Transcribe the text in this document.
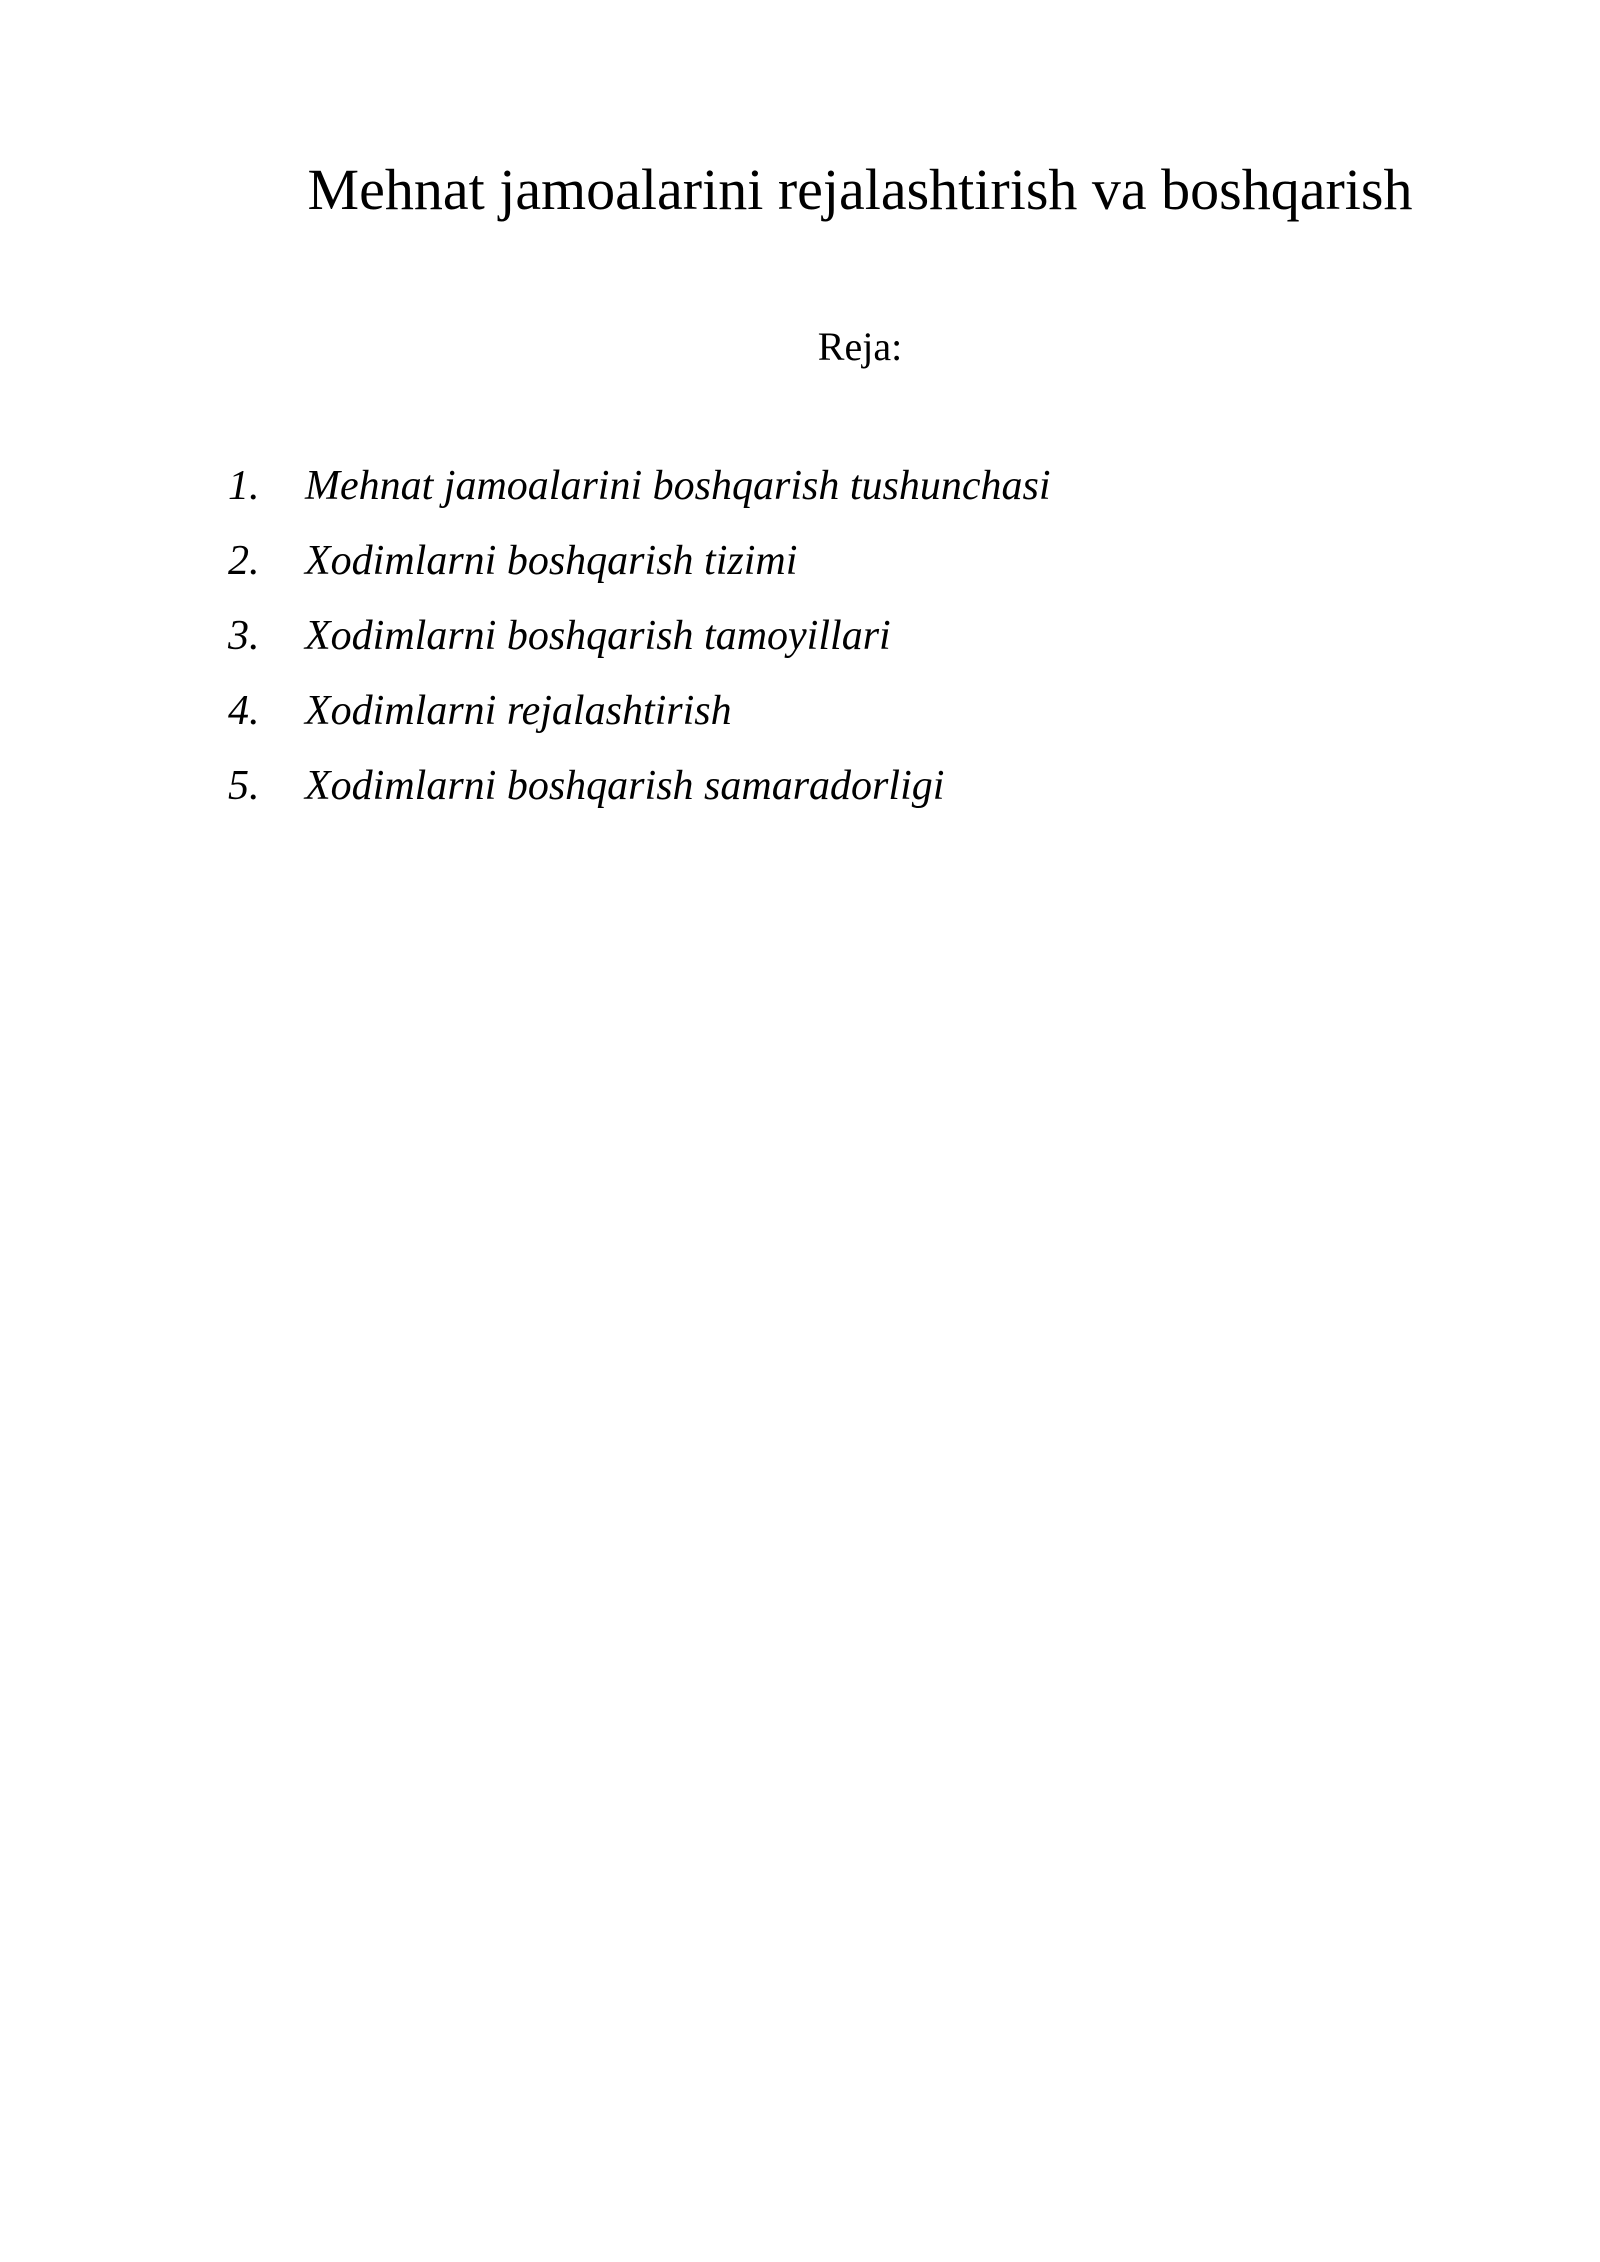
Mehnat jamoalarini rejalashtirish va boshqarish

Reja:

1. Mehnat jamoalarini boshqarish tushunchasi
2. Xodimlarni boshqarish tizimi
3. Xodimlarni boshqarish tamoyillari
4. Xodimlarni rejalashtirish
5. Xodimlarni boshqarish samaradorligi
